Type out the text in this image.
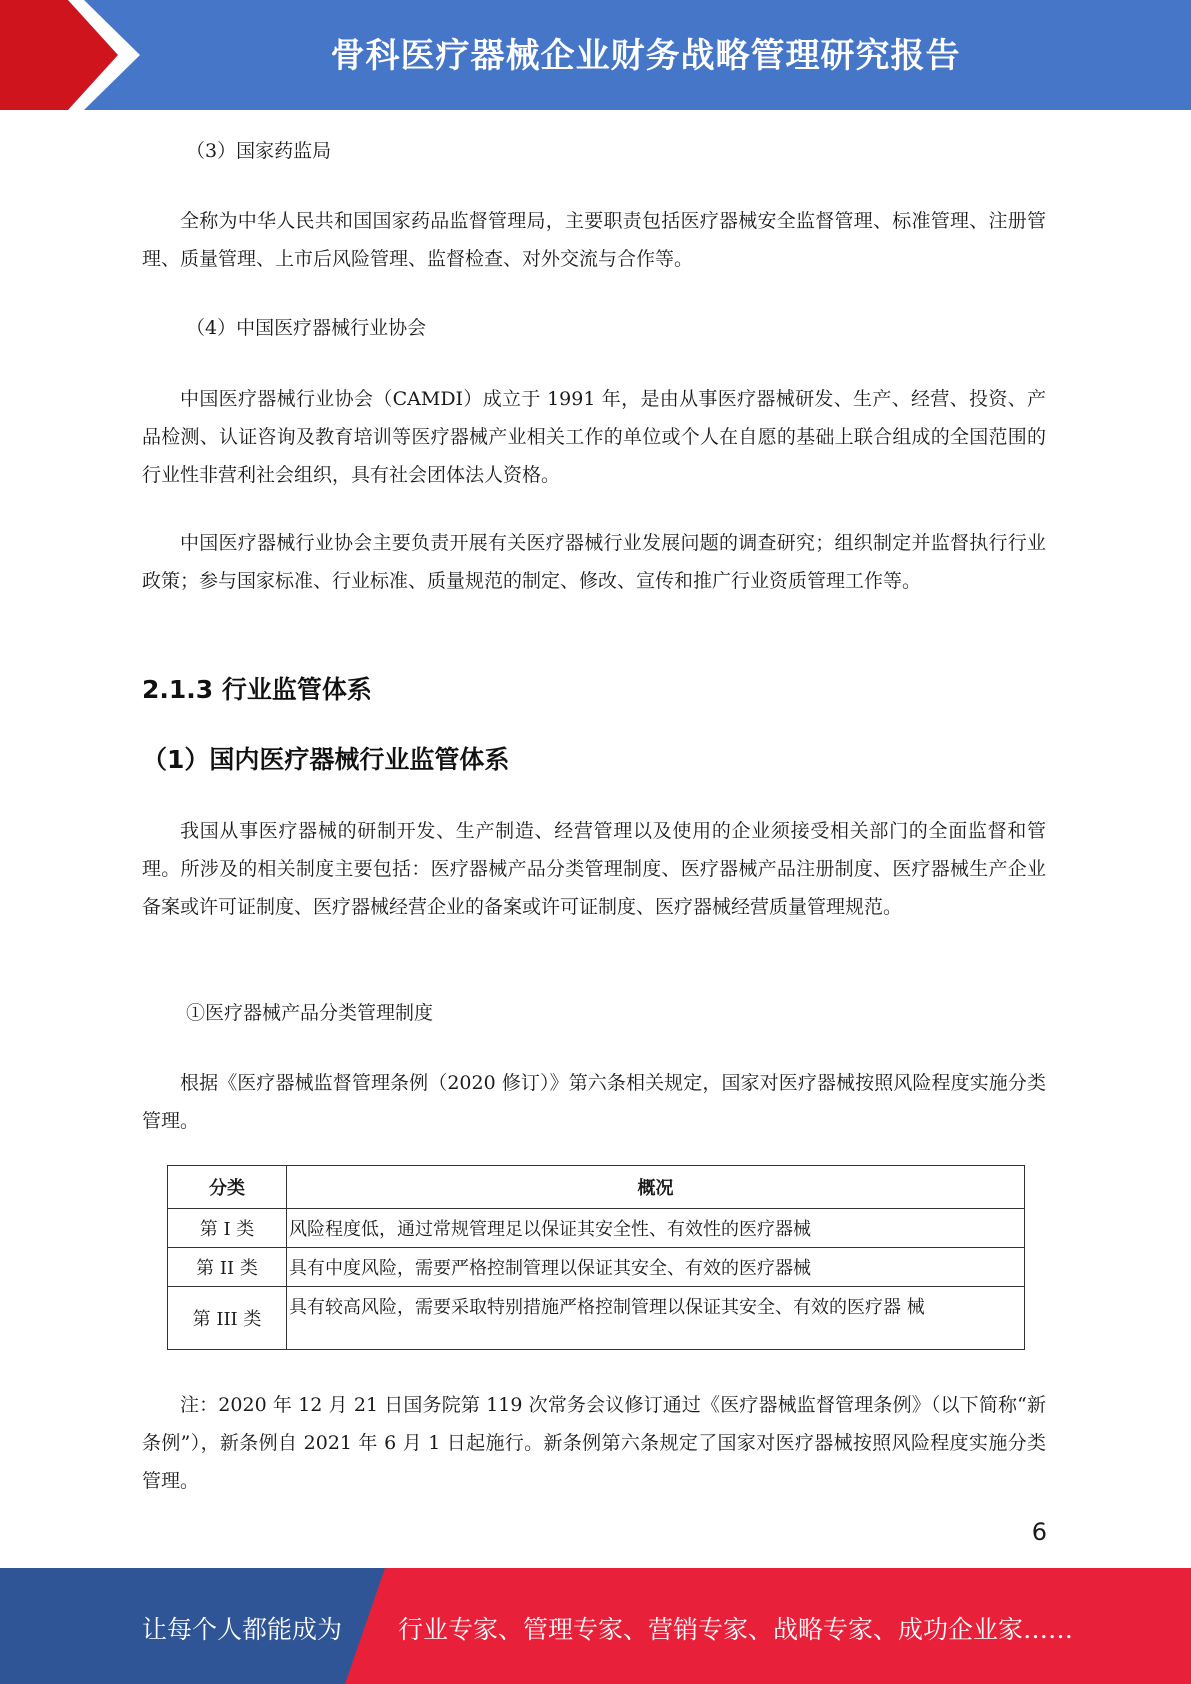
骨科医疗器械企业财务战略管理研究报告
（3）国家药监局
全称为中华人民共和国国家药品监督管理局，主要职责包括医疗器械安全监督管理、标准管理、注册管理、质量管理、上市后风险管理、监督检查、对外交流与合作等。
（4）中国医疗器械行业协会
中国医疗器械行业协会（CAMDI）成立于 1991 年，是由从事医疗器械研发、生产、经营、投资、产品检测、认证咨询及教育培训等医疗器械产业相关工作的单位或个人在自愿的基础上联合组成的全国范围的行业性非营利社会组织，具有社会团体法人资格。
中国医疗器械行业协会主要负责开展有关医疗器械行业发展问题的调查研究；组织制定并监督执行行业政策；参与国家标准、行业标准、质量规范的制定、修改、宣传和推广行业资质管理工作等。
2.1.3 行业监管体系
（1）国内医疗器械行业监管体系
我国从事医疗器械的研制开发、生产制造、经营管理以及使用的企业须接受相关部门的全面监督和管理。所涉及的相关制度主要包括：医疗器械产品分类管理制度、医疗器械产品注册制度、医疗器械生产企业备案或许可证制度、医疗器械经营企业的备案或许可证制度、医疗器械经营质量管理规范。
①医疗器械产品分类管理制度
根据《医疗器械监督管理条例（2020 修订）》第六条相关规定，国家对医疗器械按照风险程度实施分类管理。
注：2020 年 12 月 21 日国务院第 119 次常务会议修订通过《医疗器械监督管理条例》（以下简称“新条例”），新条例自 2021 年 6 月 1 日起施行。新条例第六条规定了国家对医疗器械按照风险程度实施分类管理。
分类	概况
第 I 类	风险程度低，通过常规管理足以保证其安全性、有效性的医疗器械
第 II 类	具有中度风险，需要严格控制管理以保证其安全、有效的医疗器械
第 III 类	具有较高风险，需要采取特别措施严格控制管理以保证其安全、有效的医疗器 械
6
让每个人都能成为 行业专家、管理专家、营销专家、战略专家、成功企业家……
